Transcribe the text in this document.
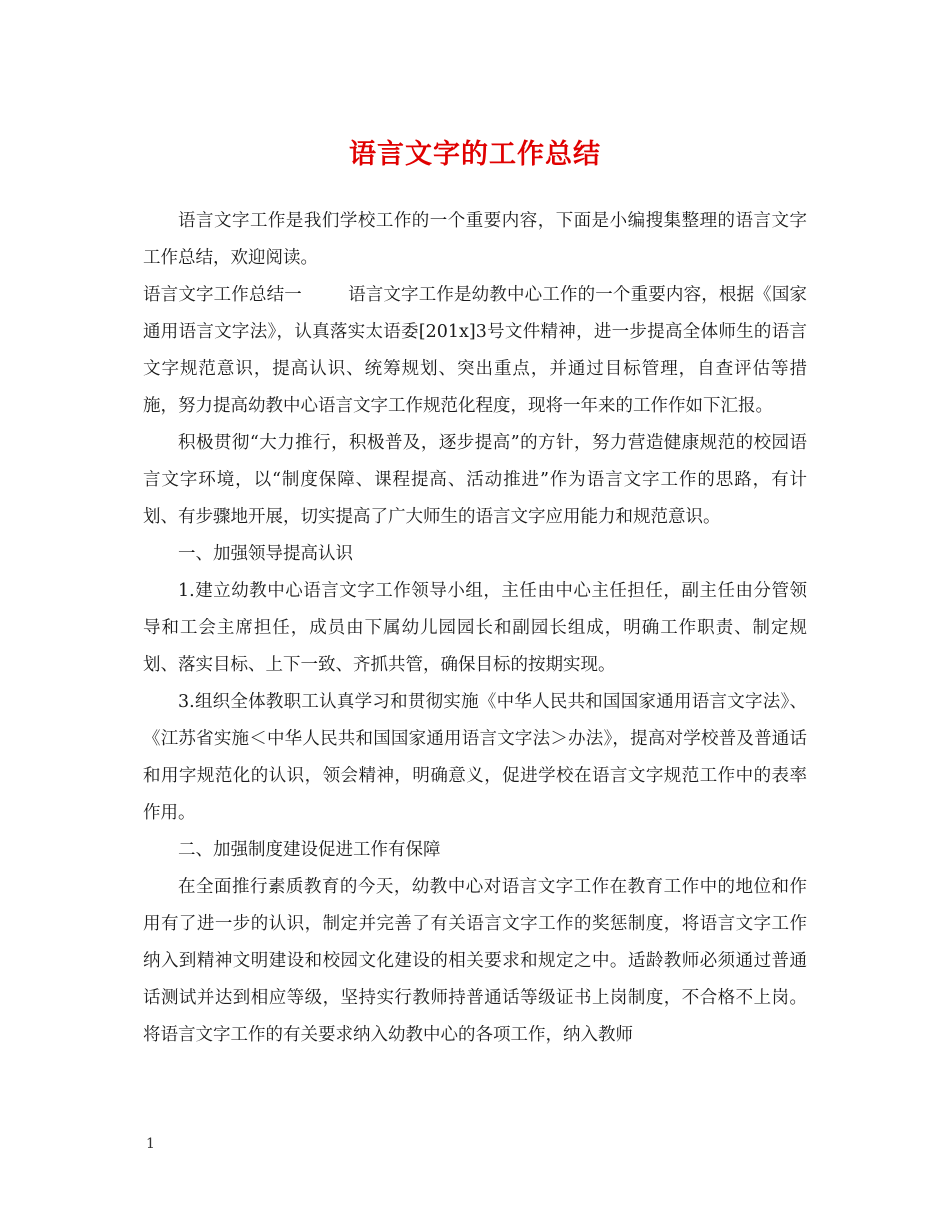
语言文字的工作总结

语言文字工作是我们学校工作的一个重要内容，下面是小编搜集整理的语言文字工作总结，欢迎阅读。

语言文字工作总结一	语言文字工作是幼教中心工作的一个重要内容，根据《国家通用语言文字法》，认真落实太语委[201x]3号文件精神，进一步提高全体师生的语言文字规范意识，提高认识、统筹规划、突出重点，并通过目标管理，自查评估等措施，努力提高幼教中心语言文字工作规范化程度，现将一年来的工作作如下汇报。

积极贯彻“大力推行，积极普及，逐步提高”的方针，努力营造健康规范的校园语言文字环境，以“制度保障、课程提高、活动推进”作为语言文字工作的思路，有计划、有步骤地开展，切实提高了广大师生的语言文字应用能力和规范意识。

一、加强领导提高认识

1.建立幼教中心语言文字工作领导小组，主任由中心主任担任，副主任由分管领导和工会主席担任，成员由下属幼儿园园长和副园长组成，明确工作职责、制定规划、落实目标、上下一致、齐抓共管，确保目标的按期实现。

3.组织全体教职工认真学习和贯彻实施《中华人民共和国国家通用语言文字法》、《江苏省实施＜中华人民共和国国家通用语言文字法＞办法》，提高对学校普及普通话和用字规范化的认识，领会精神，明确意义，促进学校在语言文字规范工作中的表率作用。

二、加强制度建设促进工作有保障

在全面推行素质教育的今天，幼教中心对语言文字工作在教育工作中的地位和作用有了进一步的认识，制定并完善了有关语言文字工作的奖惩制度，将语言文字工作纳入到精神文明建设和校园文化建设的相关要求和规定之中。适龄教师必须通过普通话测试并达到相应等级，坚持实行教师持普通话等级证书上岗制度，不合格不上岗。将语言文字工作的有关要求纳入幼教中心的各项工作，纳入教师

1
